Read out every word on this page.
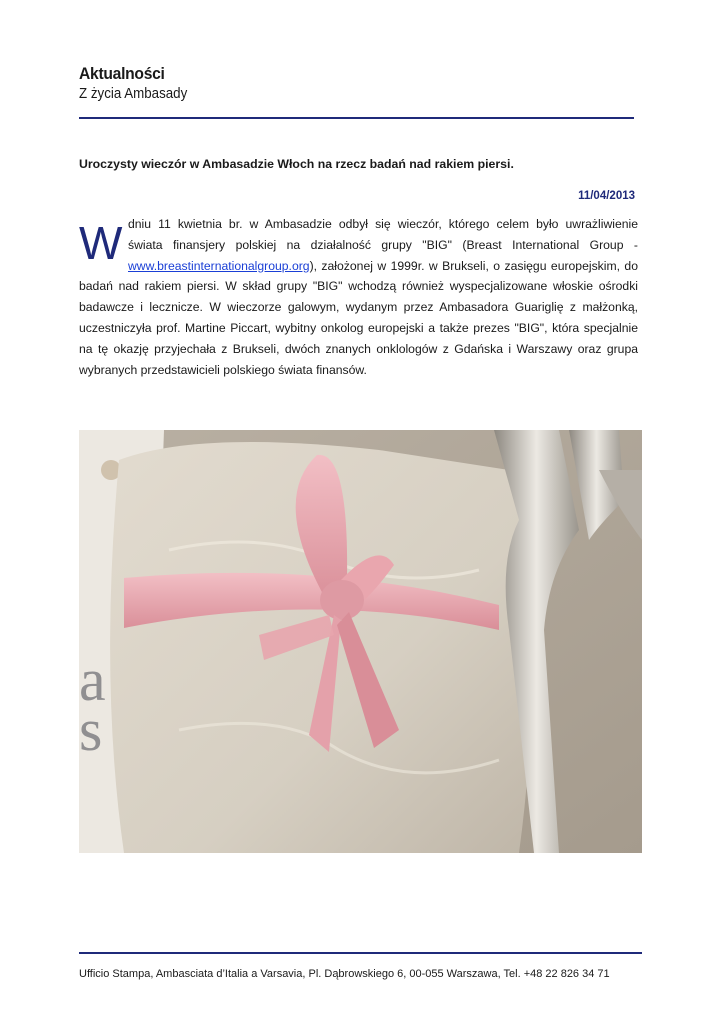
Aktualności
Z życia Ambasady
Uroczysty wieczór w Ambasadzie Włoch na rzecz badań nad rakiem piersi.
11/04/2013
W dniu 11 kwietnia br. w Ambasadzie odbył się wieczór, którego celem było uwrażliwienie
świata finansjery polskiej na działalność grupy "BIG" (Breast International Group -
www.breastinternationalgroup.org), założonej w 1999r. w Brukseli, o zasięgu europejskim, do
badań nad rakiem piersi. W skład grupy "BIG" wchodzą również wyspecjalizowane włoskie ośrodki
badawcze i lecznicze. W wieczorze galowym, wydanym przez Ambasadora Guariglię z małżonką,
uczestniczyła prof. Martine Piccart, wybitny onkolog europejski a także prezes "BIG", która specjalnie
na tę okazję przyjechała z Brukseli, dwóch znanych onklologów z Gdańska i Warszawy oraz grupa
wybranych przedstawicieli polskiego świata finansów.
a
s
Ufficio Stampa, Ambasciata d’Italia a Varsavia, Pl. Dąbrowskiego 6, 00-055 Warszawa, Tel. +48 22 826 34 71
